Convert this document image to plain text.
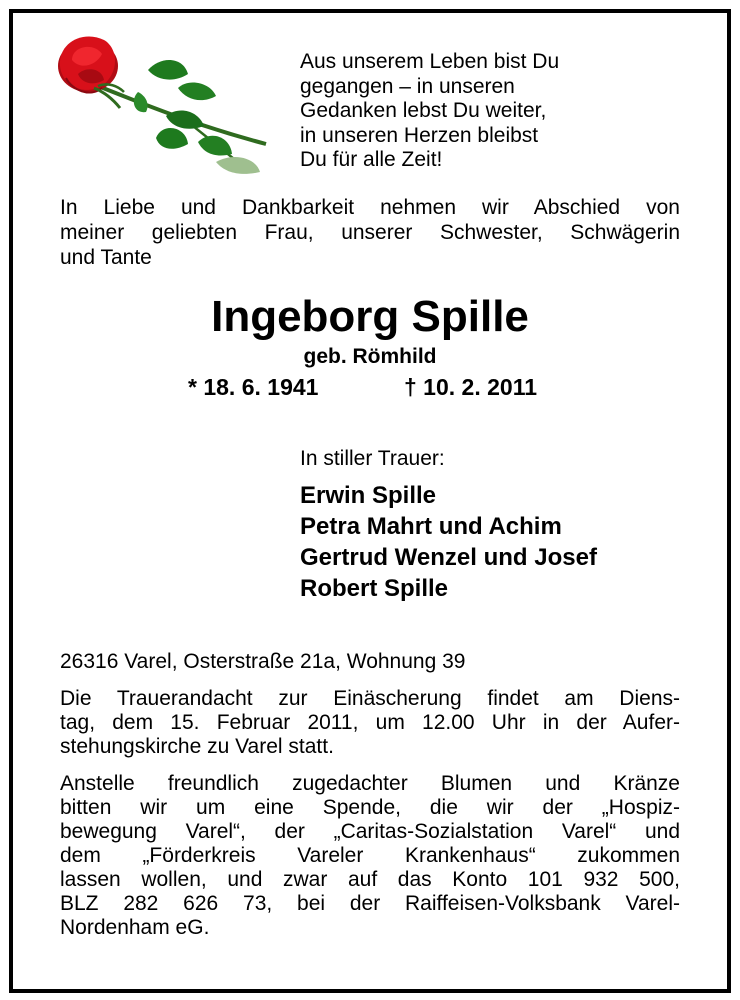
Aus unserem Leben bist Du
gegangen – in unseren
Gedanken lebst Du weiter,
in unseren Herzen bleibst
Du für alle Zeit!
In Liebe und Dankbarkeit nehmen wir Abschied von
meiner geliebten Frau, unserer Schwester, Schwägerin
und Tante
Ingeborg Spille
geb. Römhild
* 18. 6. 1941	† 10. 2. 2011
In stiller Trauer:
Erwin Spille
Petra Mahrt und Achim
Gertrud Wenzel und Josef
Robert Spille
26316 Varel, Osterstraße 21a, Wohnung 39
Die Trauerandacht zur Einäscherung findet am Diens-
tag, dem 15. Februar 2011, um 12.00 Uhr in der Aufer-
stehungskirche zu Varel statt.
Anstelle freundlich zugedachter Blumen und Kränze
bitten wir um eine Spende, die wir der „Hospiz-
bewegung Varel“, der „Caritas-Sozialstation Varel“ und
dem „Förderkreis Vareler Krankenhaus“ zukommen
lassen wollen, und zwar auf das Konto 101 932 500,
BLZ 282 626 73, bei der Raiffeisen-Volksbank Varel-
Nordenham eG.
